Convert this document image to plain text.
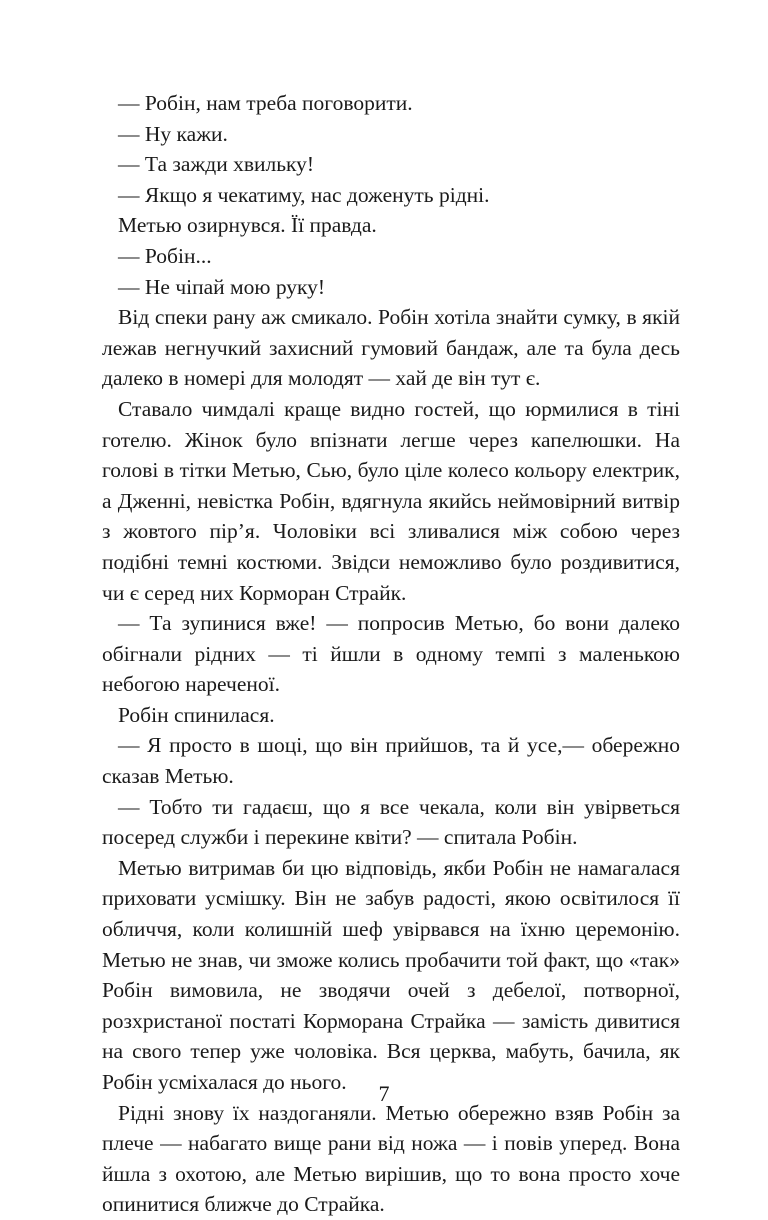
— Робін, нам треба поговорити.

— Ну кажи.

— Та зажди хвильку!

— Якщо я чекатиму, нас доженуть рідні.

Метью озирнувся. Її правда.

— Робін...

— Не чіпай мою руку!

Від спеки рану аж смикало. Робін хотіла знайти сумку, в якій лежав негнучкий захисний гумовий бандаж, але та була десь далеко в номері для молодят — хай де він тут є.

Ставало чимдалі краще видно гостей, що юрмилися в тіні готелю. Жінок було впізнати легше через капелюшки. На голові в тітки Метью, Сью, було ціле колесо кольору електрик, а Дженні, невістка Робін, вдягнула якийсь неймовірний витвір з жовтого пір’я. Чоловіки всі зливалися між собою через подібні темні костюми. Звідси неможливо було роздивитися, чи є серед них Корморан Страйк.

— Та зупинися вже! — попросив Метью, бо вони далеко обігнали рідних — ті йшли в одному темпі з маленькою небогою нареченої.

Робін спинилася.

— Я просто в шоці, що він прийшов, та й усе,— обережно сказав Метью.

— Тобто ти гадаєш, що я все чекала, коли він увірветься посеред служби і перекине квіти? — спитала Робін.

Метью витримав би цю відповідь, якби Робін не намагалася приховати усмішку. Він не забув радості, якою освітилося її обличчя, коли колишній шеф увірвався на їхню церемонію. Метью не знав, чи зможе колись пробачити той факт, що «так» Робін вимовила, не зводячи очей з дебелої, потворної, розхристаної постаті Корморана Страйка — замість дивитися на свого тепер уже чоловіка. Вся церква, мабуть, бачила, як Робін усміхалася до нього.

Рідні знову їх наздоганяли. Метью обережно взяв Робін за плече — набагато вище рани від ножа — і повів уперед. Вона йшла з охотою, але Метью вирішив, що то вона просто хоче опинитися ближче до Страйка.

7
